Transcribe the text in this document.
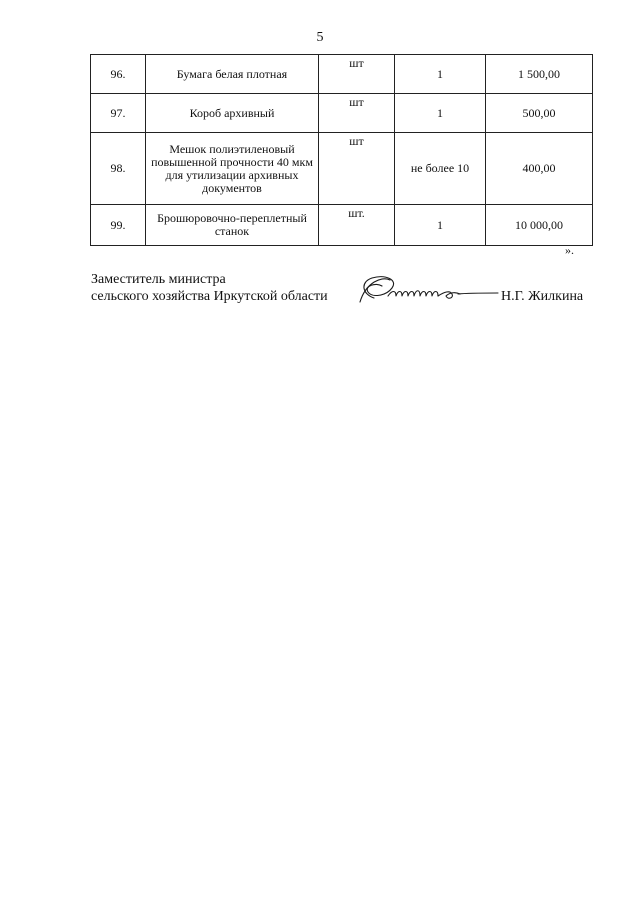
5
96.	Бумага белая плотная	шт	1	1 500,00
97.	Короб архивный	шт	1	500,00
98.	Мешок полиэтиленовый повышенной прочности 40 мкм для утилизации архивных документов	шт	не более 10	400,00
99.	Брошюровочно-переплетный станок	шт.	1	10 000,00
».
Заместитель министра
сельского хозяйства Иркутской области	Н.Г. Жилкина
